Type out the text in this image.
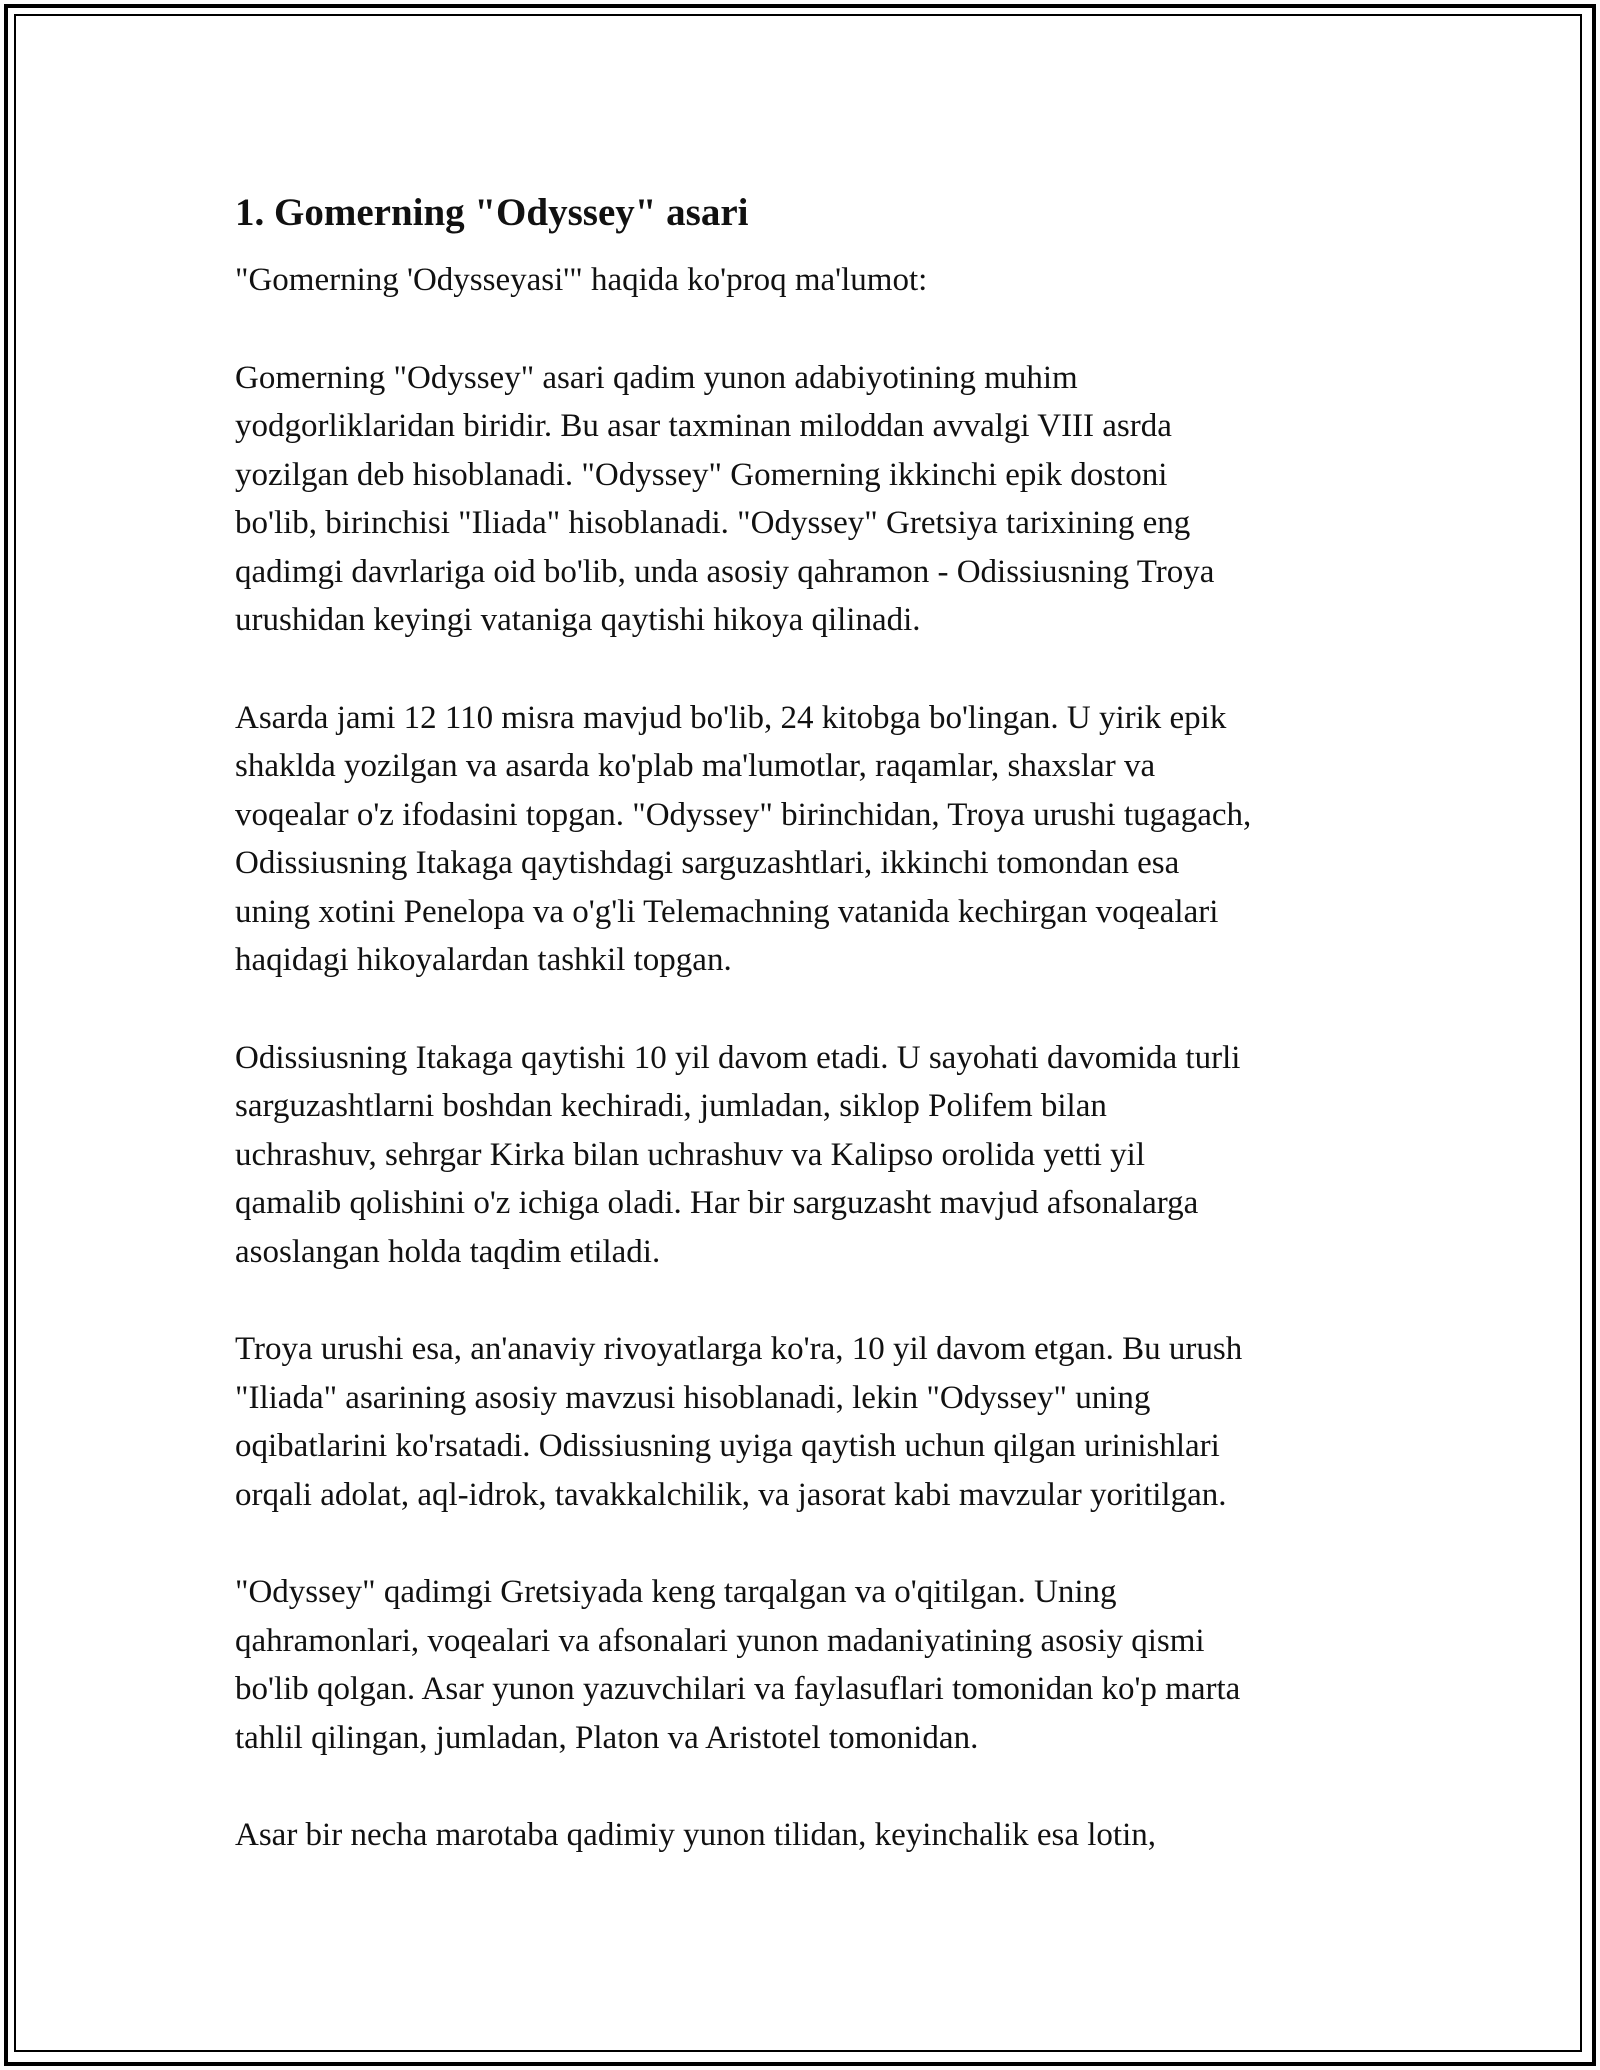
1. Gomerning "Odyssey" asari

"Gomerning 'Odysseyasi'" haqida ko'proq ma'lumot:

Gomerning "Odyssey" asari qadim yunon adabiyotining muhim
yodgorliklaridan biridir. Bu asar taxminan miloddan avvalgi VIII asrda
yozilgan deb hisoblanadi. "Odyssey" Gomerning ikkinchi epik dostoni
bo'lib, birinchisi "Iliada" hisoblanadi. "Odyssey" Gretsiya tarixining eng
qadimgi davrlariga oid bo'lib, unda asosiy qahramon - Odissiusning Troya
urushidan keyingi vataniga qaytishi hikoya qilinadi.

Asarda jami 12 110 misra mavjud bo'lib, 24 kitobga bo'lingan. U yirik epik
shaklda yozilgan va asarda ko'plab ma'lumotlar, raqamlar, shaxslar va
voqealar o'z ifodasini topgan. "Odyssey" birinchidan, Troya urushi tugagach,
Odissiusning Itakaga qaytishdagi sarguzashtlari, ikkinchi tomondan esa
uning xotini Penelopa va o'g'li Telemachning vatanida kechirgan voqealari
haqidagi hikoyalardan tashkil topgan.

Odissiusning Itakaga qaytishi 10 yil davom etadi. U sayohati davomida turli
sarguzashtlarni boshdan kechiradi, jumladan, siklop Polifem bilan
uchrashuv, sehrgar Kirka bilan uchrashuv va Kalipso orolida yetti yil
qamalib qolishini o'z ichiga oladi. Har bir sarguzasht mavjud afsonalarga
asoslangan holda taqdim etiladi.

Troya urushi esa, an'anaviy rivoyatlarga ko'ra, 10 yil davom etgan. Bu urush
"Iliada" asarining asosiy mavzusi hisoblanadi, lekin "Odyssey" uning
oqibatlarini ko'rsatadi. Odissiusning uyiga qaytish uchun qilgan urinishlari
orqali adolat, aql-idrok, tavakkalchilik, va jasorat kabi mavzular yoritilgan.

"Odyssey" qadimgi Gretsiyada keng tarqalgan va o'qitilgan. Uning
qahramonlari, voqealari va afsonalari yunon madaniyatining asosiy qismi
bo'lib qolgan. Asar yunon yazuvchilari va faylasuflari tomonidan ko'p marta
tahlil qilingan, jumladan, Platon va Aristotel tomonidan.

Asar bir necha marotaba qadimiy yunon tilidan, keyinchalik esa lotin,
